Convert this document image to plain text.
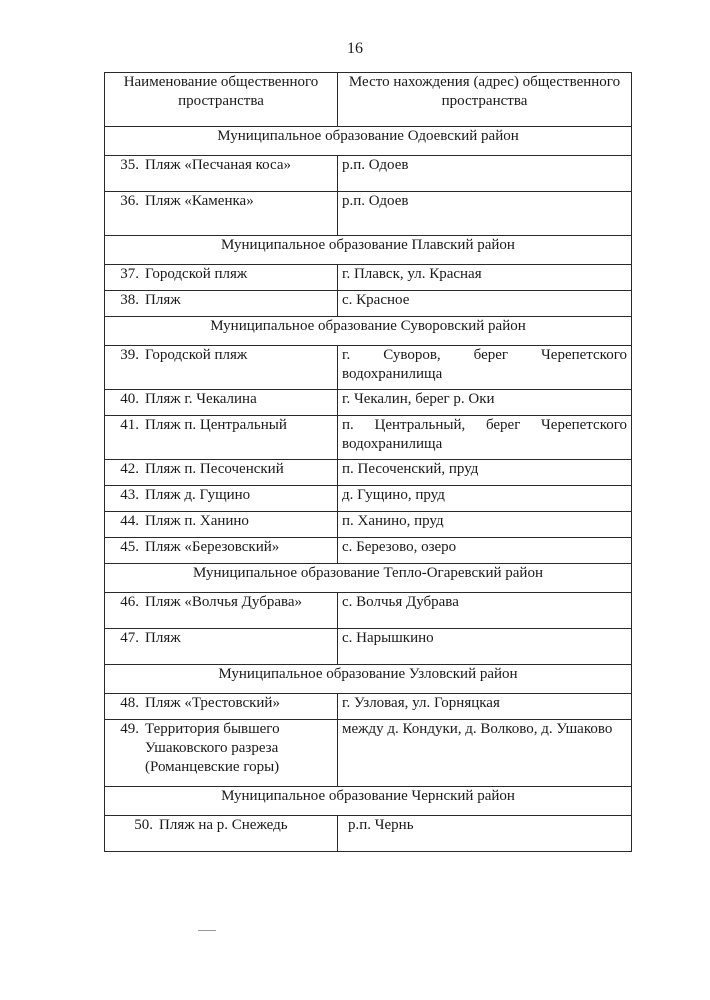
16
Наименование общественного пространства	Место нахождения (адрес) общественного пространства
Муниципальное образование Одоевский район	

35. Пляж «Песчаная коса»	р.п. Одоев

36. Пляж «Каменка»	р.п. Одоев

Муниципальное образование Плавский район	

37. Городской пляж	г. Плавск, ул. Красная

38. Пляж	с. Красное

Муниципальное образование Суворовский район	

39. Городской пляж	г. Суворов, берег Черепетского водохранилища

40. Пляж г. Чекалина	г. Чекалин, берег р. Оки

41. Пляж п. Центральный	п. Центральный, берег Черепетского водохранилища

42. Пляж п. Песоченский	п. Песоченский, пруд

43. Пляж д. Гущино	д. Гущино, пруд

44. Пляж п. Ханино	п. Ханино, пруд

45. Пляж «Березовский»	с. Березово, озеро

Муниципальное образование Тепло-Огаревский район	

46. Пляж «Волчья Дубрава»	с. Волчья Дубрава

47. Пляж	с. Нарышкино

Муниципальное образование Узловский район	

48. Пляж «Трестовский»	г. Узловая, ул. Горняцкая

49. Территория бывшего Ушаковского разреза (Романцевские горы)	между д. Кондуки, д. Волково, д. Ушаково

Муниципальное образование Чернский район	

50. Пляж на р. Снежедь	р.п. Чернь
